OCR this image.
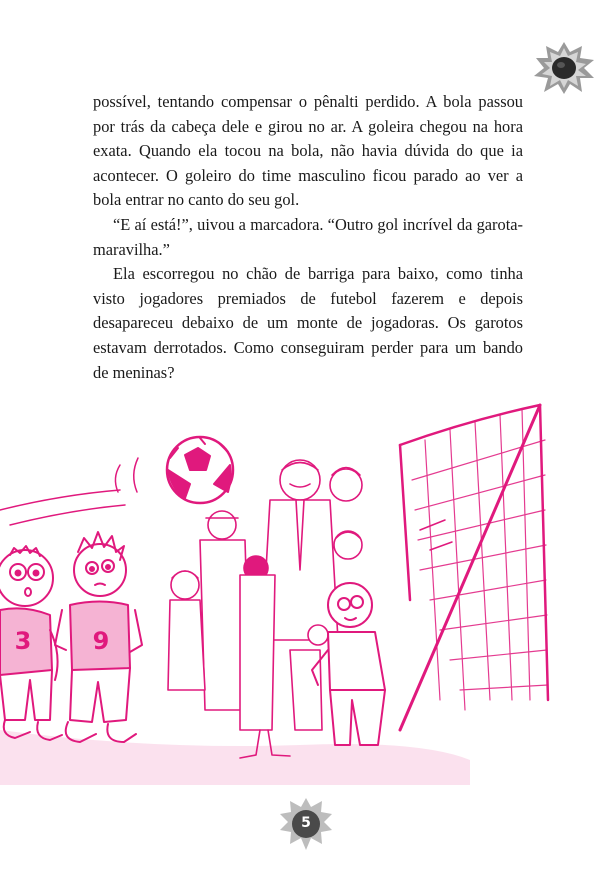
possível, tentando compensar o pênalti perdido. A bola passou por trás da cabeça dele e girou no ar. A goleira chegou na hora exata. Quando ela tocou na bola, não havia dúvida do que ia acontecer. O goleiro do time masculino ficou parado ao ver a bola entrar no canto do seu gol.

“E aí está!”, uivou a marcadora. “Outro gol incrível da garota-maravilha.”

Ela escorregou no chão de barriga para baixo, como tinha visto jogadores premiados de futebol fazerem e depois desapareceu debaixo de um monte de jogadoras. Os garotos estavam derrotados. Como conseguiram perder para um bando de meninas?

3	9
5
